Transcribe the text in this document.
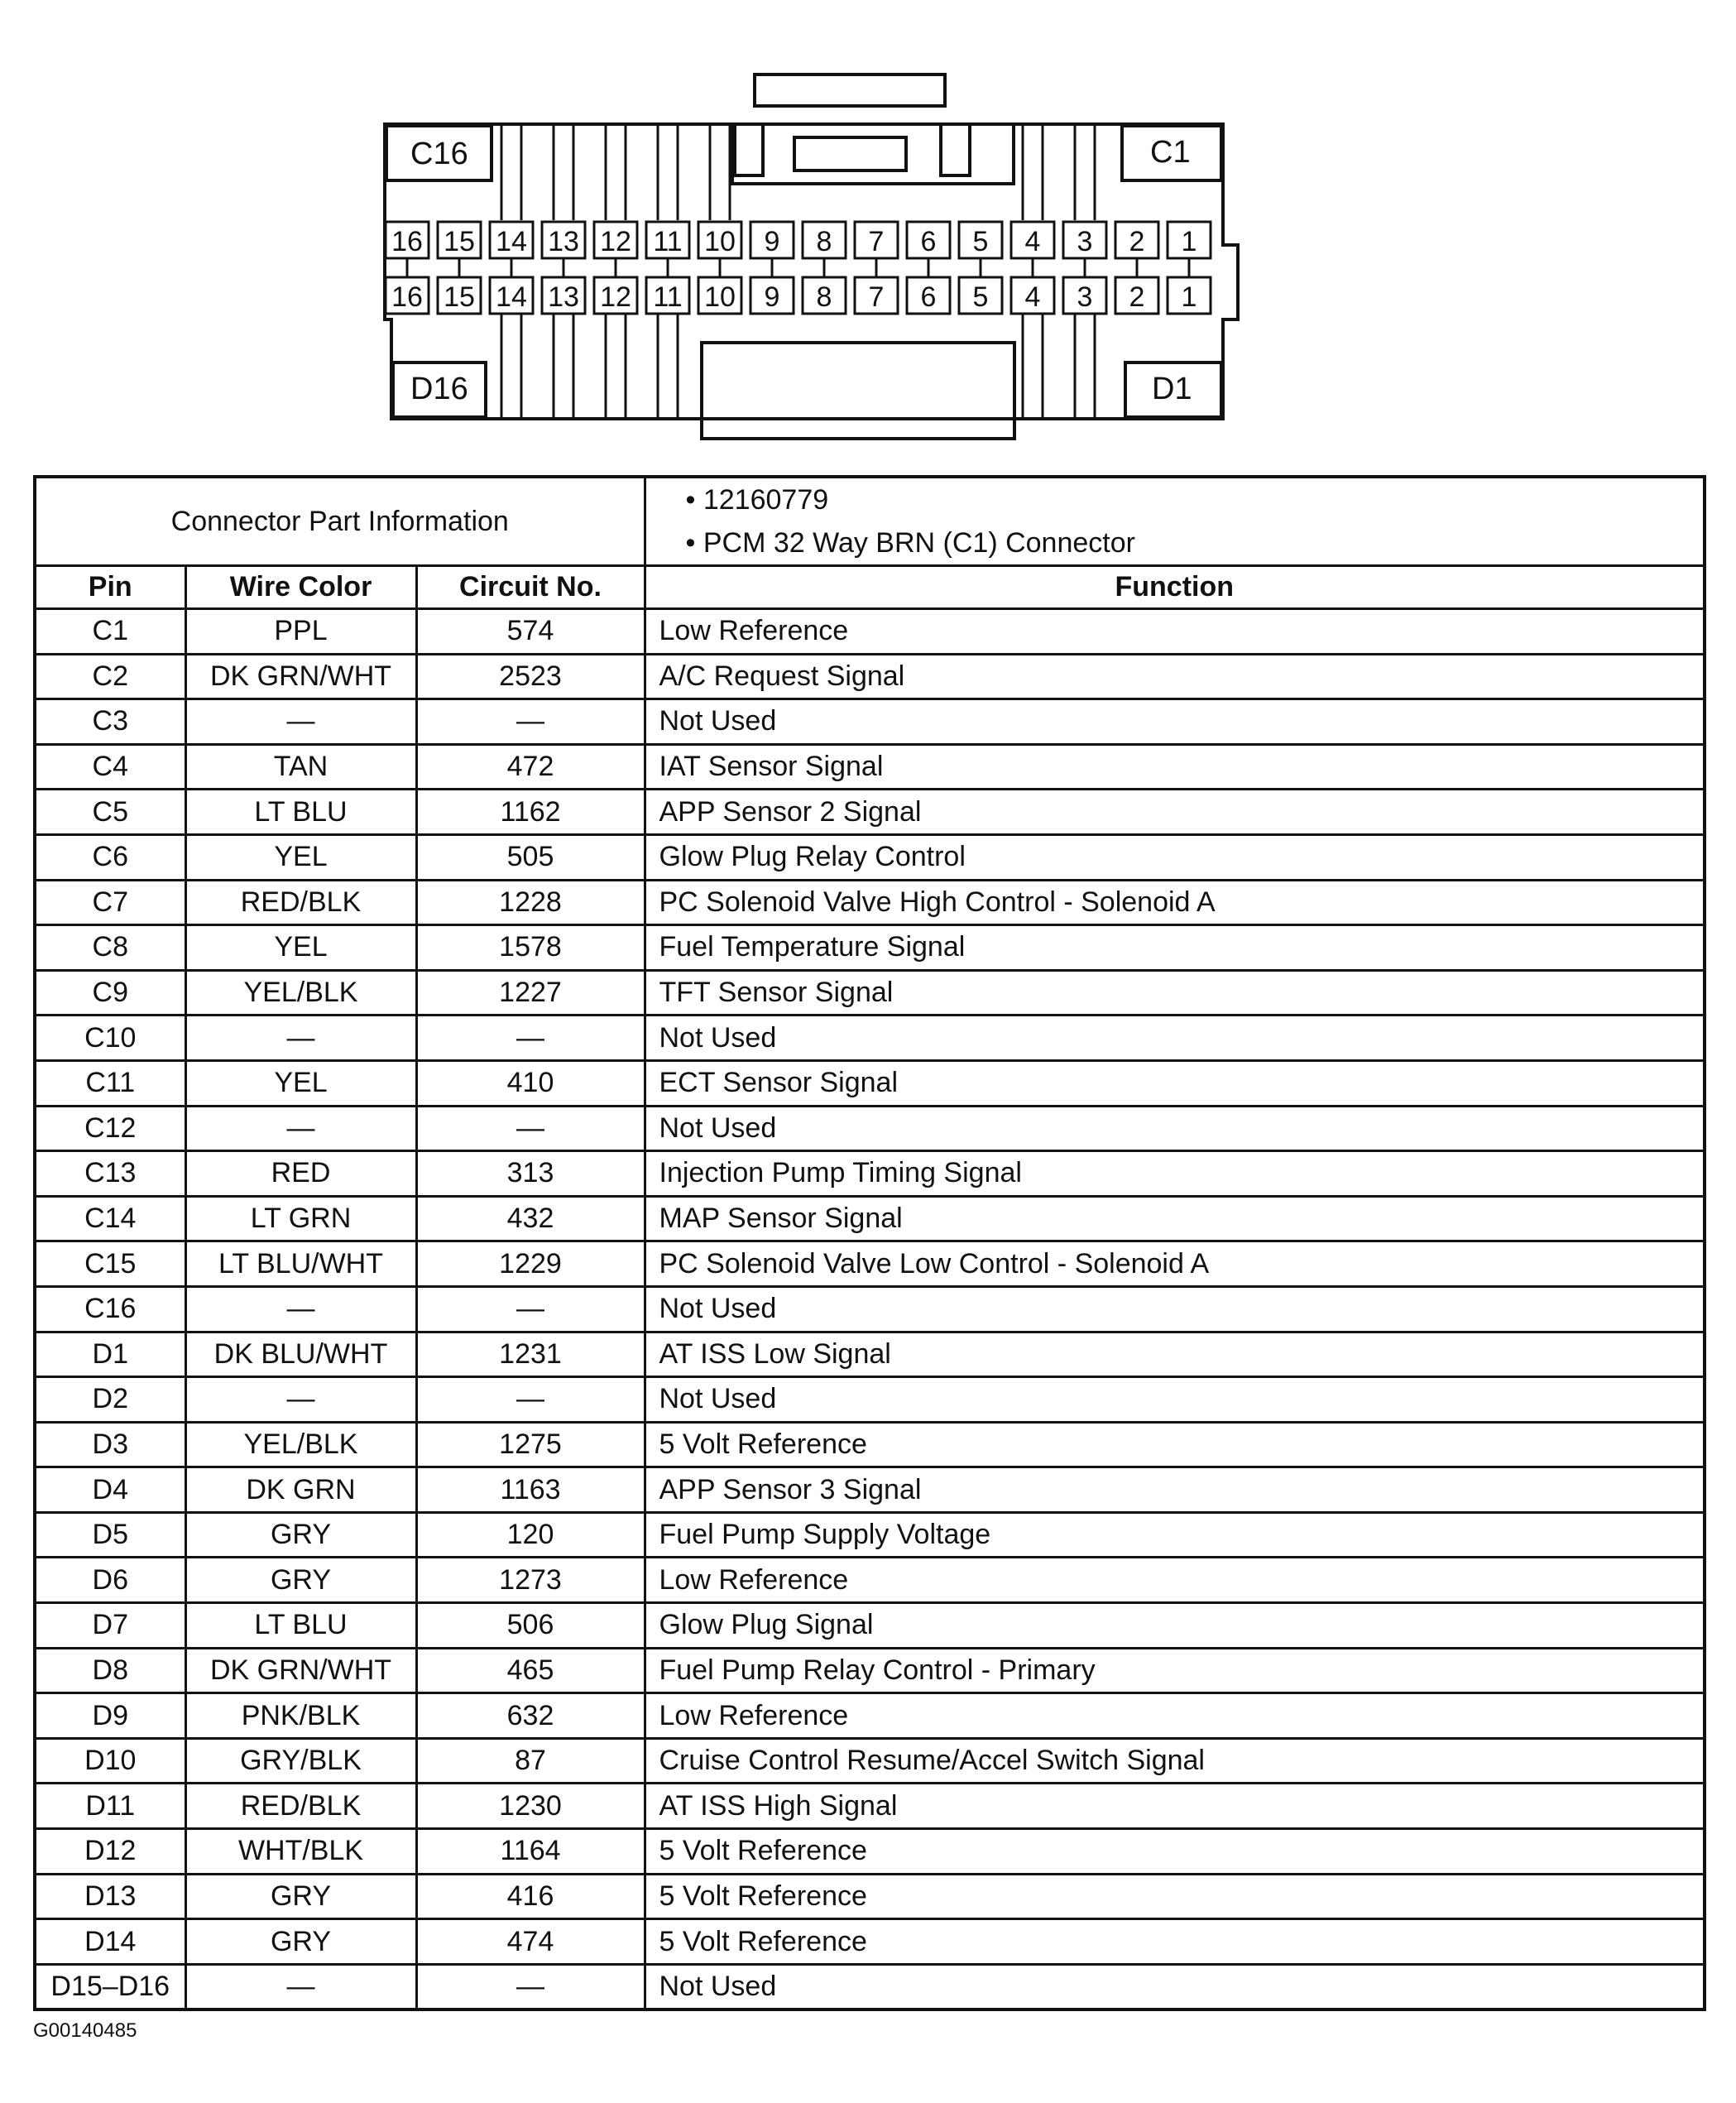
16 15 14 13 12 11 10 9 8 7 6 5 4 3 2 1
16 15 14 13 12 11 10 9 8 7 6 5 4 3 2 1
C16	C1
D16	D1
Connector Part Information			• 12160779
• PCM 32 Way BRN (C1) Connector

Pin	Wire Color	Circuit No.	Function
C1	PPL	574	Low Reference
C2	DK GRN/WHT	2523	A/C Request Signal
C3	—	—	Not Used
C4	TAN	472	IAT Sensor Signal
C5	LT BLU	1162	APP Sensor 2 Signal
C6	YEL	505	Glow Plug Relay Control
C7	RED/BLK	1228	PC Solenoid Valve High Control - Solenoid A
C8	YEL	1578	Fuel Temperature Signal
C9	YEL/BLK	1227	TFT Sensor Signal
C10	—	—	Not Used
C11	YEL	410	ECT Sensor Signal
C12	—	—	Not Used
C13	RED	313	Injection Pump Timing Signal
C14	LT GRN	432	MAP Sensor Signal
C15	LT BLU/WHT	1229	PC Solenoid Valve Low Control - Solenoid A
C16	—	—	Not Used
D1	DK BLU/WHT	1231	AT ISS Low Signal
D2	—	—	Not Used
D3	YEL/BLK	1275	5 Volt Reference
D4	DK GRN	1163	APP Sensor 3 Signal
D5	GRY	120	Fuel Pump Supply Voltage
D6	GRY	1273	Low Reference
D7	LT BLU	506	Glow Plug Signal
D8	DK GRN/WHT	465	Fuel Pump Relay Control - Primary
D9	PNK/BLK	632	Low Reference
D10	GRY/BLK	87	Cruise Control Resume/Accel Switch Signal
D11	RED/BLK	1230	AT ISS High Signal
D12	WHT/BLK	1164	5 Volt Reference
D13	GRY	416	5 Volt Reference
D14	GRY	474	5 Volt Reference
D15–D16	—	—	Not Used
G00140485
